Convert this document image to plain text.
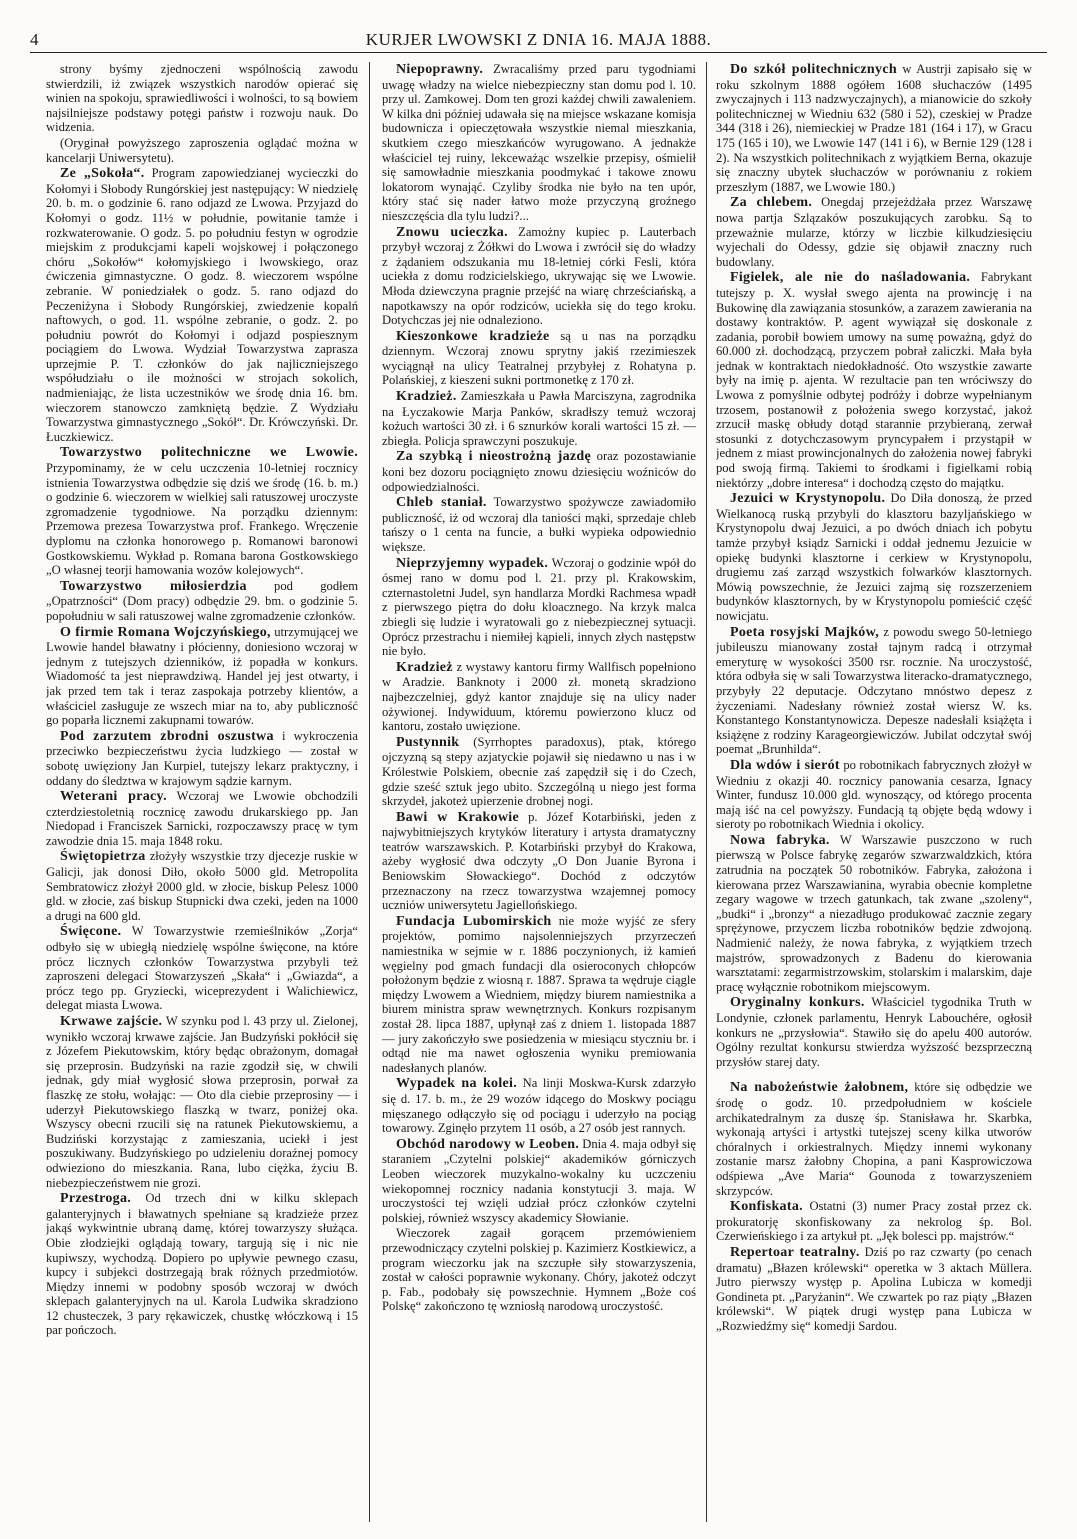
4	KURJER LWOWSKI Z DNIA 16. MAJA 1888.

strony byśmy zjednoczeni wspólnością zawodu stwierdzili, iż związek wszystkich narodów opierać się winien na spokoju, sprawiedliwości i wolności, to są bowiem najsilniejsze podstawy potęgi państw i rozwoju nauk. Do widzenia.

(Oryginał powyższego zaproszenia oglądać można w kancelarji Uniwersytetu).

Ze „Sokoła“. Program zapowiedzianej wycieczki do Kołomyi i Słobody Rungórskiej jest następujący: W niedzielę 20. b. m. o godzinie 6. rano odjazd ze Lwowa. Przyjazd do Kołomyi o godz. 11½ w południe, powitanie tamże i rozkwaterowanie. O godz. 5. po południu festyn w ogrodzie miejskim z produkcjami kapeli wojskowej i połączonego chóru „Sokołów“ kołomyjskiego i lwowskiego, oraz ćwiczenia gimnastyczne. O godz. 8. wieczorem wspólne zebranie. W poniedziałek o godz. 5. rano odjazd do Peczeniżyna i Słobody Rungórskiej, zwiedzenie kopalń naftowych, o god. 11. wspólne zebranie, o godz. 2. po południu powrót do Kołomyi i odjazd pospiesznym pociągiem do Lwowa. Wydział Towarzystwa zaprasza uprzejmie P. T. członków do jak najliczniejszego współudziału o ile możności w strojach sokolich, nadmieniając, że lista uczestników we środę dnia 16. bm. wieczorem stanowczo zamkniętą będzie. Z Wydziału Towarzystwa gimnastycznego „Sokół“. Dr. Krówczyński. Dr. Łuczkiewicz.

Towarzystwo politechniczne we Lwowie. Przypominamy, że w celu uczczenia 10-letniej rocznicy istnienia Towarzystwa odbędzie się dziś we środę (16. b. m.) o godzinie 6. wieczorem w wielkiej sali ratuszowej uroczyste zgromadzenie tygodniowe. Na porządku dziennym: Przemowa prezesa Towarzystwa prof. Frankego. Wręczenie dyplomu na członka honorowego p. Romanowi baronowi Gostkowskiemu. Wykład p. Romana barona Gostkowskiego „O własnej teorji hamowania wozów kolejowych“.

Towarzystwo miłosierdzia pod godłem „Opatrzności“ (Dom pracy) odbędzie 29. bm. o godzinie 5. popołudniu w sali ratuszowej walne zgromadzenie członków.

O firmie Romana Wojczyńskiego, utrzymującej we Lwowie handel bławatny i płócienny, doniesiono wczoraj w jednym z tutejszych dzienników, iż popadła w konkurs. Wiadomość ta jest nieprawdziwą. Handel jej jest otwarty, i jak przed tem tak i teraz zaspokaja potrzeby klientów, a właściciel zasługuje ze wszech miar na to, aby publiczność go poparła licznemi zakupnami towarów.

Pod zarzutem zbrodni oszustwa i wykroczenia przeciwko bezpieczeństwu życia ludzkiego — został w sobotę uwięziony Jan Kurpiel, tutejszy lekarz praktyczny, i oddany do śledztwa w krajowym sądzie karnym.

Weterani pracy. Wczoraj we Lwowie obchodzili czterdziestoletnią rocznicę zawodu drukarskiego pp. Jan Niedopad i Franciszek Sarnicki, rozpoczawszy pracę w tym zawodzie dnia 15. maja 1848 roku.

Świętopietrza złożyły wszystkie trzy djecezje ruskie w Galicji, jak donosi Diło, około 5000 gld. Metropolita Sembratowicz złożył 2000 gld. w złocie, biskup Pelesz 1000 gld. w złocie, zaś biskup Stupnicki dwa czeki, jeden na 1000 a drugi na 600 gld.

Święcone. W Towarzystwie rzemieślników „Zorja“ odbyło się w ubiegłą niedzielę wspólne święcone, na które prócz licznych członków Towarzystwa przybyli też zaproszeni delegaci Stowarzyszeń „Skała“ i „Gwiazda“, a prócz tego pp. Gryziecki, wiceprezydent i Walichiewicz, delegat miasta Lwowa.

Krwawe zajście. W szynku pod l. 43 przy ul. Zielonej, wynikło wczoraj krwawe zajście. Jan Budzyński pokłócił się z Józefem Piekutowskim, który będąc obrażonym, domagał się przeprosin. Budzyński na razie zgodził się, w chwili jednak, gdy miał wygłosić słowa przeprosin, porwał za flaszkę ze stołu, wołając: — Oto dla ciebie przeprosiny — i uderzył Piekutowskiego flaszką w twarz, poniżej oka. Wszyscy obecni rzucili się na ratunek Piekutowskiemu, a Budziński korzystając z zamieszania, uciekł i jest poszukiwany. Budzyńskiego po udzieleniu doraźnej pomocy odwieziono do mieszkania. Rana, lubo ciężka, życiu B. niebezpieczeństwem nie grozi.

Przestroga. Od trzech dni w kilku sklepach galanteryjnych i bławatnych spełniane są kradzieże przez jakąś wykwintnie ubraną damę, której towarzyszy służąca. Obie złodziejki oglądają towary, targują się i nic nie kupiwszy, wychodzą. Dopiero po upływie pewnego czasu, kupcy i subjekci dostrzegają brak różnych przedmiotów. Między innemi w podobny sposób wczoraj w dwóch sklepach galanteryjnych na ul. Karola Ludwika skradziono 12 chusteczek, 3 pary rękawiczek, chustkę włóczkową i 15 par pończoch.

Niepoprawny. Zwracaliśmy przed paru tygodniami uwagę władzy na wielce niebezpieczny stan domu pod l. 10. przy ul. Zamkowej. Dom ten grozi każdej chwili zawaleniem. W kilka dni później udawała się na miejsce wskazane komisja budownicza i opieczętowała wszystkie niemal mieszkania, skutkiem czego mieszkańców wyrugowano. A jednakże właściciel tej ruiny, lekceważąc wszelkie przepisy, ośmielił się samowładnie mieszkania poodmykać i takowe znowu lokatorom wynająć. Czyliby środka nie było na ten upór, który stać się nader łatwo może przyczyną groźnego nieszczęścia dla tylu ludzi?...

Znowu ucieczka. Zamożny kupiec p. Lauterbach przybył wczoraj z Żółkwi do Lwowa i zwrócił się do władzy z żądaniem odszukania mu 18-letniej córki Fesli, która uciekła z domu rodzicielskiego, ukrywając się we Lwowie. Młoda dziewczyna pragnie przejść na wiarę chrześciańską, a napotkawszy na opór rodziców, uciekła się do tego kroku. Dotychczas jej nie odnaleziono.

Kieszonkowe kradzieże są u nas na porządku dziennym. Wczoraj znowu sprytny jakiś rzezimieszek wyciągnął na ulicy Teatralnej przybyłej z Rohatyna p. Polańskiej, z kieszeni sukni portmonetkę z 170 zł.

Kradzież. Zamieszkała u Pawła Marciszyna, zagrodnika na Łyczakowie Marja Panków, skradłszy temuż wczoraj kożuch wartości 30 zł. i 6 sznurków korali wartości 15 zł. — zbiegła. Policja sprawczyni poszukuje.

Za szybką i nieostrożną jazdę oraz pozostawianie koni bez dozoru pociągnięto znowu dziesięciu woźniców do odpowiedzialności.

Chleb staniał. Towarzystwo spożywcze zawiadomiło publiczność, iż od wczoraj dla taniości mąki, sprzedaje chleb tańszy o 1 centa na funcie, a bułki wypieka odpowiednio większe.

Nieprzyjemny wypadek. Wczoraj o godzinie wpół do ósmej rano w domu pod l. 21. przy pl. Krakowskim, czternastoletni Judel, syn handlarza Mordki Rachmesa wpadł z pierwszego piętra do dołu kloacznego. Na krzyk malca zbiegli się ludzie i wyratowali go z niebezpiecznej sytuacji. Oprócz przestrachu i niemiłej kąpieli, innych złych następstw nie było.

Kradzież z wystawy kantoru firmy Wallfisch popełniono w Aradzie. Banknoty i 2000 zł. monetą skradziono najbezczelniej, gdyż kantor znajduje się na ulicy nader ożywionej. Indywiduum, któremu powierzono klucz od kantoru, zostało uwięzione.

Pustynnik (Syrrhoptes paradoxus), ptak, którego ojczyzną są stepy azjatyckie pojawił się niedawno u nas i w Królestwie Polskiem, obecnie zaś zapędził się i do Czech, gdzie sześć sztuk jego ubito. Szczególną u niego jest forma skrzydeł, jakoteż upierzenie drobnej nogi.

Bawi w Krakowie p. Józef Kotarbiński, jeden z najwybitniejszych krytyków literatury i artysta dramatyczny teatrów warszawskich. P. Kotarbiński przybył do Krakowa, ażeby wygłosić dwa odczyty „O Don Juanie Byrona i Beniowskim Słowackiego“. Dochód z odczytów przeznaczony na rzecz towarzystwa wzajemnej pomocy uczniów uniwersytetu Jagiellońskiego.

Fundacja Lubomirskich nie może wyjść ze sfery projektów, pomimo najsolenniejszych przyrzeczeń namiestnika w sejmie w r. 1886 poczynionych, iż kamień węgielny pod gmach fundacji dla osieroconych chłopców położonym będzie z wiosną r. 1887. Sprawa ta wędruje ciągle między Lwowem a Wiedniem, między biurem namiestnika a biurem ministra spraw wewnętrznych. Konkurs rozpisanym został 28. lipca 1887, upłynął zaś z dniem 1. listopada 1887 — jury zakończyło swe posiedzenia w miesiącu styczniu br. i odtąd nie ma nawet ogłoszenia wyniku premiowania nadesłanych planów.

Wypadek na kolei. Na linji Moskwa-Kursk zdarzyło się d. 17. b. m., że 29 wozów idącego do Moskwy pociągu mięszanego odłączyło się od pociągu i uderzyło na pociąg towarowy. Zginęło przytem 11 osób, a 27 osób jest rannych.

Obchód narodowy w Leoben. Dnia 4. maja odbył się staraniem „Czytelni polskiej“ akademików górniczych Leoben wieczorek muzykalno-wokalny ku uczczeniu wiekopomnej rocznicy nadania konstytucji 3. maja. W uroczystości tej wzięli udział prócz członków czytelni polskiej, również wszyscy akademicy Słowianie.

Wieczorek zagaił gorącem przemówieniem przewodniczący czytelni polskiej p. Kazimierz Kostkiewicz, a program wieczorku jak na szczupłe siły stowarzyszenia, został w całości poprawnie wykonany. Chóry, jakoteż odczyt p. Fab., podobały się powszechnie. Hymnem „Boże coś Polskę“ zakończono tę wzniosłą narodową uroczystość.

Do szkół politechnicznych w Austrji zapisało się w roku szkolnym 1888 ogółem 1608 słuchaczów (1495 zwyczajnych i 113 nadzwyczajnych), a mianowicie do szkoły politechnicznej w Wiedniu 632 (580 i 52), czeskiej w Pradze 344 (318 i 26), niemieckiej w Pradze 181 (164 i 17), w Gracu 175 (165 i 10), we Lwowie 147 (141 i 6), w Bernie 129 (128 i 2). Na wszystkich politechnikach z wyjątkiem Berna, okazuje się znaczny ubytek słuchaczów w porównaniu z rokiem przeszłym (1887, we Lwowie 180.)

Za chlebem. Onegdaj przejeżdżała przez Warszawę nowa partja Szlązaków poszukujących zarobku. Są to przeważnie mularze, którzy w liczbie kilkudziesięciu wyjechali do Odessy, gdzie się objawił znaczny ruch budowlany.

Figielek, ale nie do naśladowania. Fabrykant tutejszy p. X. wysłał swego ajenta na prowincję i na Bukowinę dla zawiązania stosunków, a zarazem zawierania na dostawy kontraktów. P. agent wywiązał się doskonale z zadania, porobił bowiem umowy na sumę poważną, gdyż do 60.000 zł. dochodzącą, przyczem pobrał zaliczki. Mała była jednak w kontraktach niedokładność. Oto wszystkie zawarte były na imię p. ajenta. W rezultacie pan ten wróciwszy do Lwowa z pomyślnie odbytej podróży i dobrze wypełnianym trzosem, postanowił z położenia swego korzystać, jakoż zrzucił maskę obłudy dotąd starannie przybieraną, zerwał stosunki z dotychczasowym pryncypałem i przystąpił w jednem z miast prowincjonalnych do założenia nowej fabryki pod swoją firmą. Takiemi to środkami i figielkami robią niektórzy „dobre interesa“ i dochodzą często do majątku.

Jezuici w Krystynopolu. Do Diła donoszą, że przed Wielkanocą ruską przybyli do klasztoru bazyljańskiego w Krystynopolu dwaj Jezuici, a po dwóch dniach ich pobytu tamże przybył ksiądz Sarnicki i oddał jednemu Jezuicie w opiekę budynki klasztorne i cerkiew w Krystynopolu, drugiemu zaś zarząd wszystkich folwarków klasztornych. Mówią powszechnie, że Jezuici zajmą się rozszerzeniem budynków klasztornych, by w Krystynopolu pomieścić część nowicjatu.

Poeta rosyjski Majków, z powodu swego 50-letniego jubileuszu mianowany został tajnym radcą i otrzymał emeryturę w wysokości 3500 rsr. rocznie. Na uroczystość, która odbyła się w sali Towarzystwa literacko-dramatycznego, przybyły 22 deputacje. Odczytano mnóstwo depesz z życzeniami. Nadesłany również został wiersz W. ks. Konstantego Konstantynowicza. Depesze nadesłali książęta i książęne z rodziny Karageorgiewiczów. Jubilat odczytał swój poemat „Brunhilda“.

Dla wdów i sierót po robotnikach fabrycznych złożył w Wiedniu z okazji 40. rocznicy panowania cesarza, Ignacy Winter, fundusz 10.000 gld. wynoszący, od którego procenta mają iść na cel powyższy. Fundacją tą objęte będą wdowy i sieroty po robotnikach Wiednia i okolicy.

Nowa fabryka. W Warszawie puszczono w ruch pierwszą w Polsce fabrykę zegarów szwarzwaldzkich, która zatrudnia na początek 50 robotników. Fabryka, założona i kierowana przez Warszawianina, wyrabia obecnie kompletne zegary wagowe w trzech gatunkach, tak zwane „szoleny“, „budki“ i „bronzy“ a niezadługo produkować zacznie zegary sprężynowe, przyczem liczba robotników będzie zdwojoną. Nadmienić należy, że nowa fabryka, z wyjątkiem trzech majstrów, sprowadzonych z Badenu do kierowania warsztatami: zegarmistrzowskim, stolarskim i malarskim, daje pracę wyłącznie robotnikom miejscowym.

Oryginalny konkurs. Właściciel tygodnika Truth w Londynie, członek parlamentu, Henryk Labouchére, ogłosił konkurs ne „przysłowia“. Stawiło się do apelu 400 autorów. Ogólny rezultat konkursu stwierdza wyższość bezsprzeczną przysłów starej daty.

Na nabożeństwie żałobnem, które się odbędzie we środę o godz. 10. przedpołudniem w kościele archikatedralnym za duszę śp. Stanisława hr. Skarbka, wykonają artyści i artystki tutejszej sceny kilka utworów chóralnych i orkiestralnych. Między innemi wykonany zostanie marsz żałobny Chopina, a pani Kasprowiczowa odśpiewa „Ave Maria“ Gounoda z towarzyszeniem skrzypców.

Konfiskata. Ostatni (3) numer Pracy został przez ck. prokuratorję skonfiskowany za nekrolog śp. Bol. Czerwieńskiego i za artykuł pt. „Jęk bolesci pp. majstrów.“

Repertoar teatralny. Dziś po raz czwarty (po cenach dramatu) „Błazen królewski“ operetka w 3 aktach Müllera. Jutro pierwszy występ p. Apolina Lubicza w komedji Gondineta pt. „Paryżanin“. We czwartek po raz piąty „Błazen królewski“. W piątek drugi występ pana Lubicza w „Rozwiedźmy się“ komedji Sardou.
